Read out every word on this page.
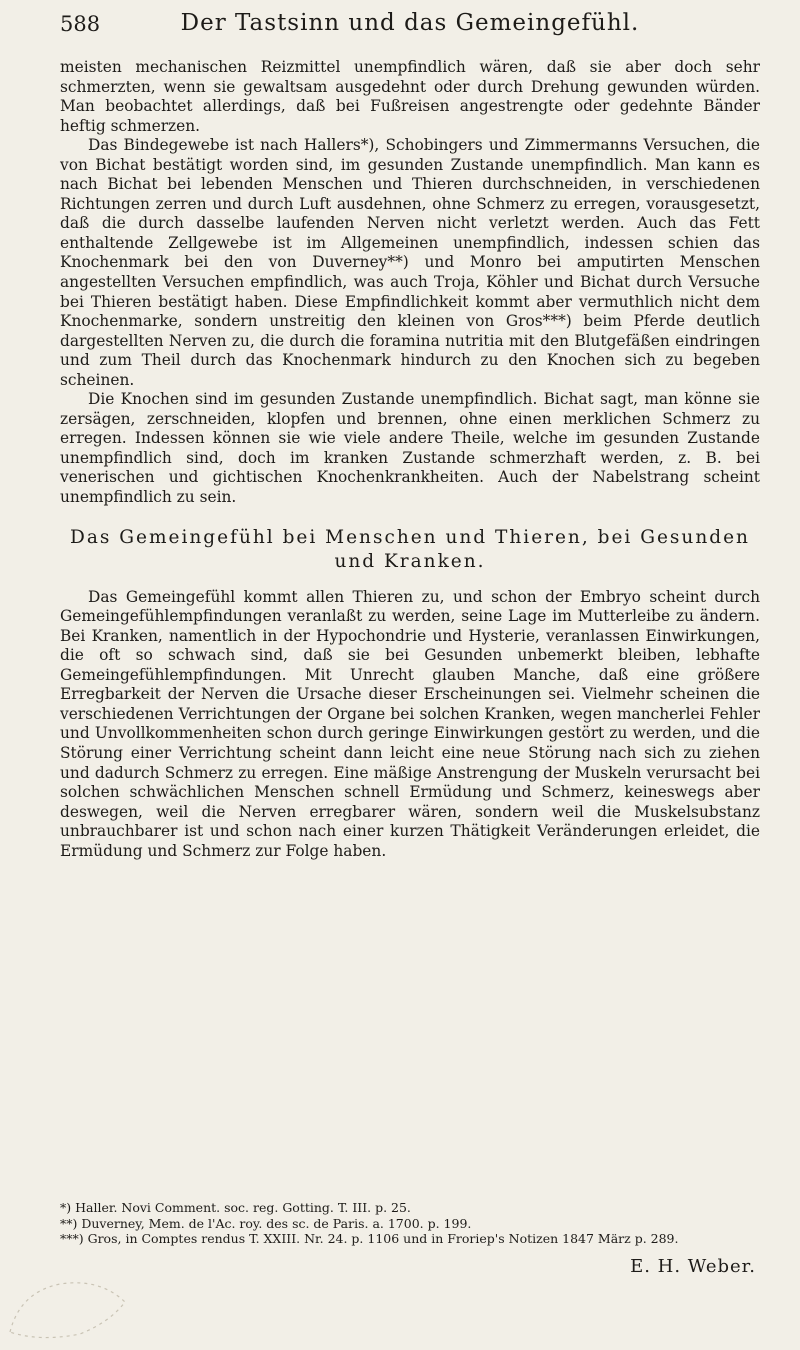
588	Der Tastsinn und das Gemeingefühl.

meisten mechanischen Reizmittel unempfindlich wären, daß sie aber doch sehr schmerzten, wenn sie gewaltsam ausgedehnt oder durch Drehung gewunden würden. Man beobachtet allerdings, daß bei Fußreisen angestrengte oder gedehnte Bänder heftig schmerzen.

Das Bindegewebe ist nach Hallers*), Schobingers und Zimmermanns Versuchen, die von Bichat bestätigt worden sind, im gesunden Zustande unempfindlich. Man kann es nach Bichat bei lebenden Menschen und Thieren durchschneiden, in verschiedenen Richtungen zerren und durch Luft ausdehnen, ohne Schmerz zu erregen, vorausgesetzt, daß die durch dasselbe laufenden Nerven nicht verletzt werden. Auch das Fett enthaltende Zellgewebe ist im Allgemeinen unempfindlich, indessen schien das Knochenmark bei den von Duverney**) und Monro bei amputirten Menschen angestellten Versuchen empfindlich, was auch Troja, Köhler und Bichat durch Versuche bei Thieren bestätigt haben. Diese Empfindlichkeit kommt aber vermuthlich nicht dem Knochenmarke, sondern unstreitig den kleinen von Gros***) beim Pferde deutlich dargestellten Nerven zu, die durch die foramina nutritia mit den Blutgefäßen eindringen und zum Theil durch das Knochenmark hindurch zu den Knochen sich zu begeben scheinen.

Die Knochen sind im gesunden Zustande unempfindlich. Bichat sagt, man könne sie zersägen, zerschneiden, klopfen und brennen, ohne einen merklichen Schmerz zu erregen. Indessen können sie wie viele andere Theile, welche im gesunden Zustande unempfindlich sind, doch im kranken Zustande schmerzhaft werden, z. B. bei venerischen und gichtischen Knochenkrankheiten. Auch der Nabelstrang scheint unempfindlich zu sein.

Das Gemeingefühl bei Menschen und Thieren, bei Gesunden und Kranken.

Das Gemeingefühl kommt allen Thieren zu, und schon der Embryo scheint durch Gemeingefühlempfindungen veranlaßt zu werden, seine Lage im Mutterleibe zu ändern. Bei Kranken, namentlich in der Hypochondrie und Hysterie, veranlassen Einwirkungen, die oft so schwach sind, daß sie bei Gesunden unbemerkt bleiben, lebhafte Gemeingefühlempfindungen. Mit Unrecht glauben Manche, daß eine größere Erregbarkeit der Nerven die Ursache dieser Erscheinungen sei. Vielmehr scheinen die verschiedenen Verrichtungen der Organe bei solchen Kranken, wegen mancherlei Fehler und Unvollkommenheiten schon durch geringe Einwirkungen gestört zu werden, und die Störung einer Verrichtung scheint dann leicht eine neue Störung nach sich zu ziehen und dadurch Schmerz zu erregen. Eine mäßige Anstrengung der Muskeln verursacht bei solchen schwächlichen Menschen schnell Ermüdung und Schmerz, keineswegs aber deswegen, weil die Nerven erregbarer wären, sondern weil die Muskelsubstanz unbrauchbarer ist und schon nach einer kurzen Thätigkeit Veränderungen erleidet, die Ermüdung und Schmerz zur Folge haben.

*) Haller. Novi Comment. soc. reg. Gotting. T. III. p. 25.
**) Duverney, Mem. de l'Ac. roy. des sc. de Paris. a. 1700. p. 199.
***) Gros, in Comptes rendus T. XXIII. Nr. 24. p. 1106 und in Froriep's Notizen 1847 März p. 289.
E. H. Weber.
